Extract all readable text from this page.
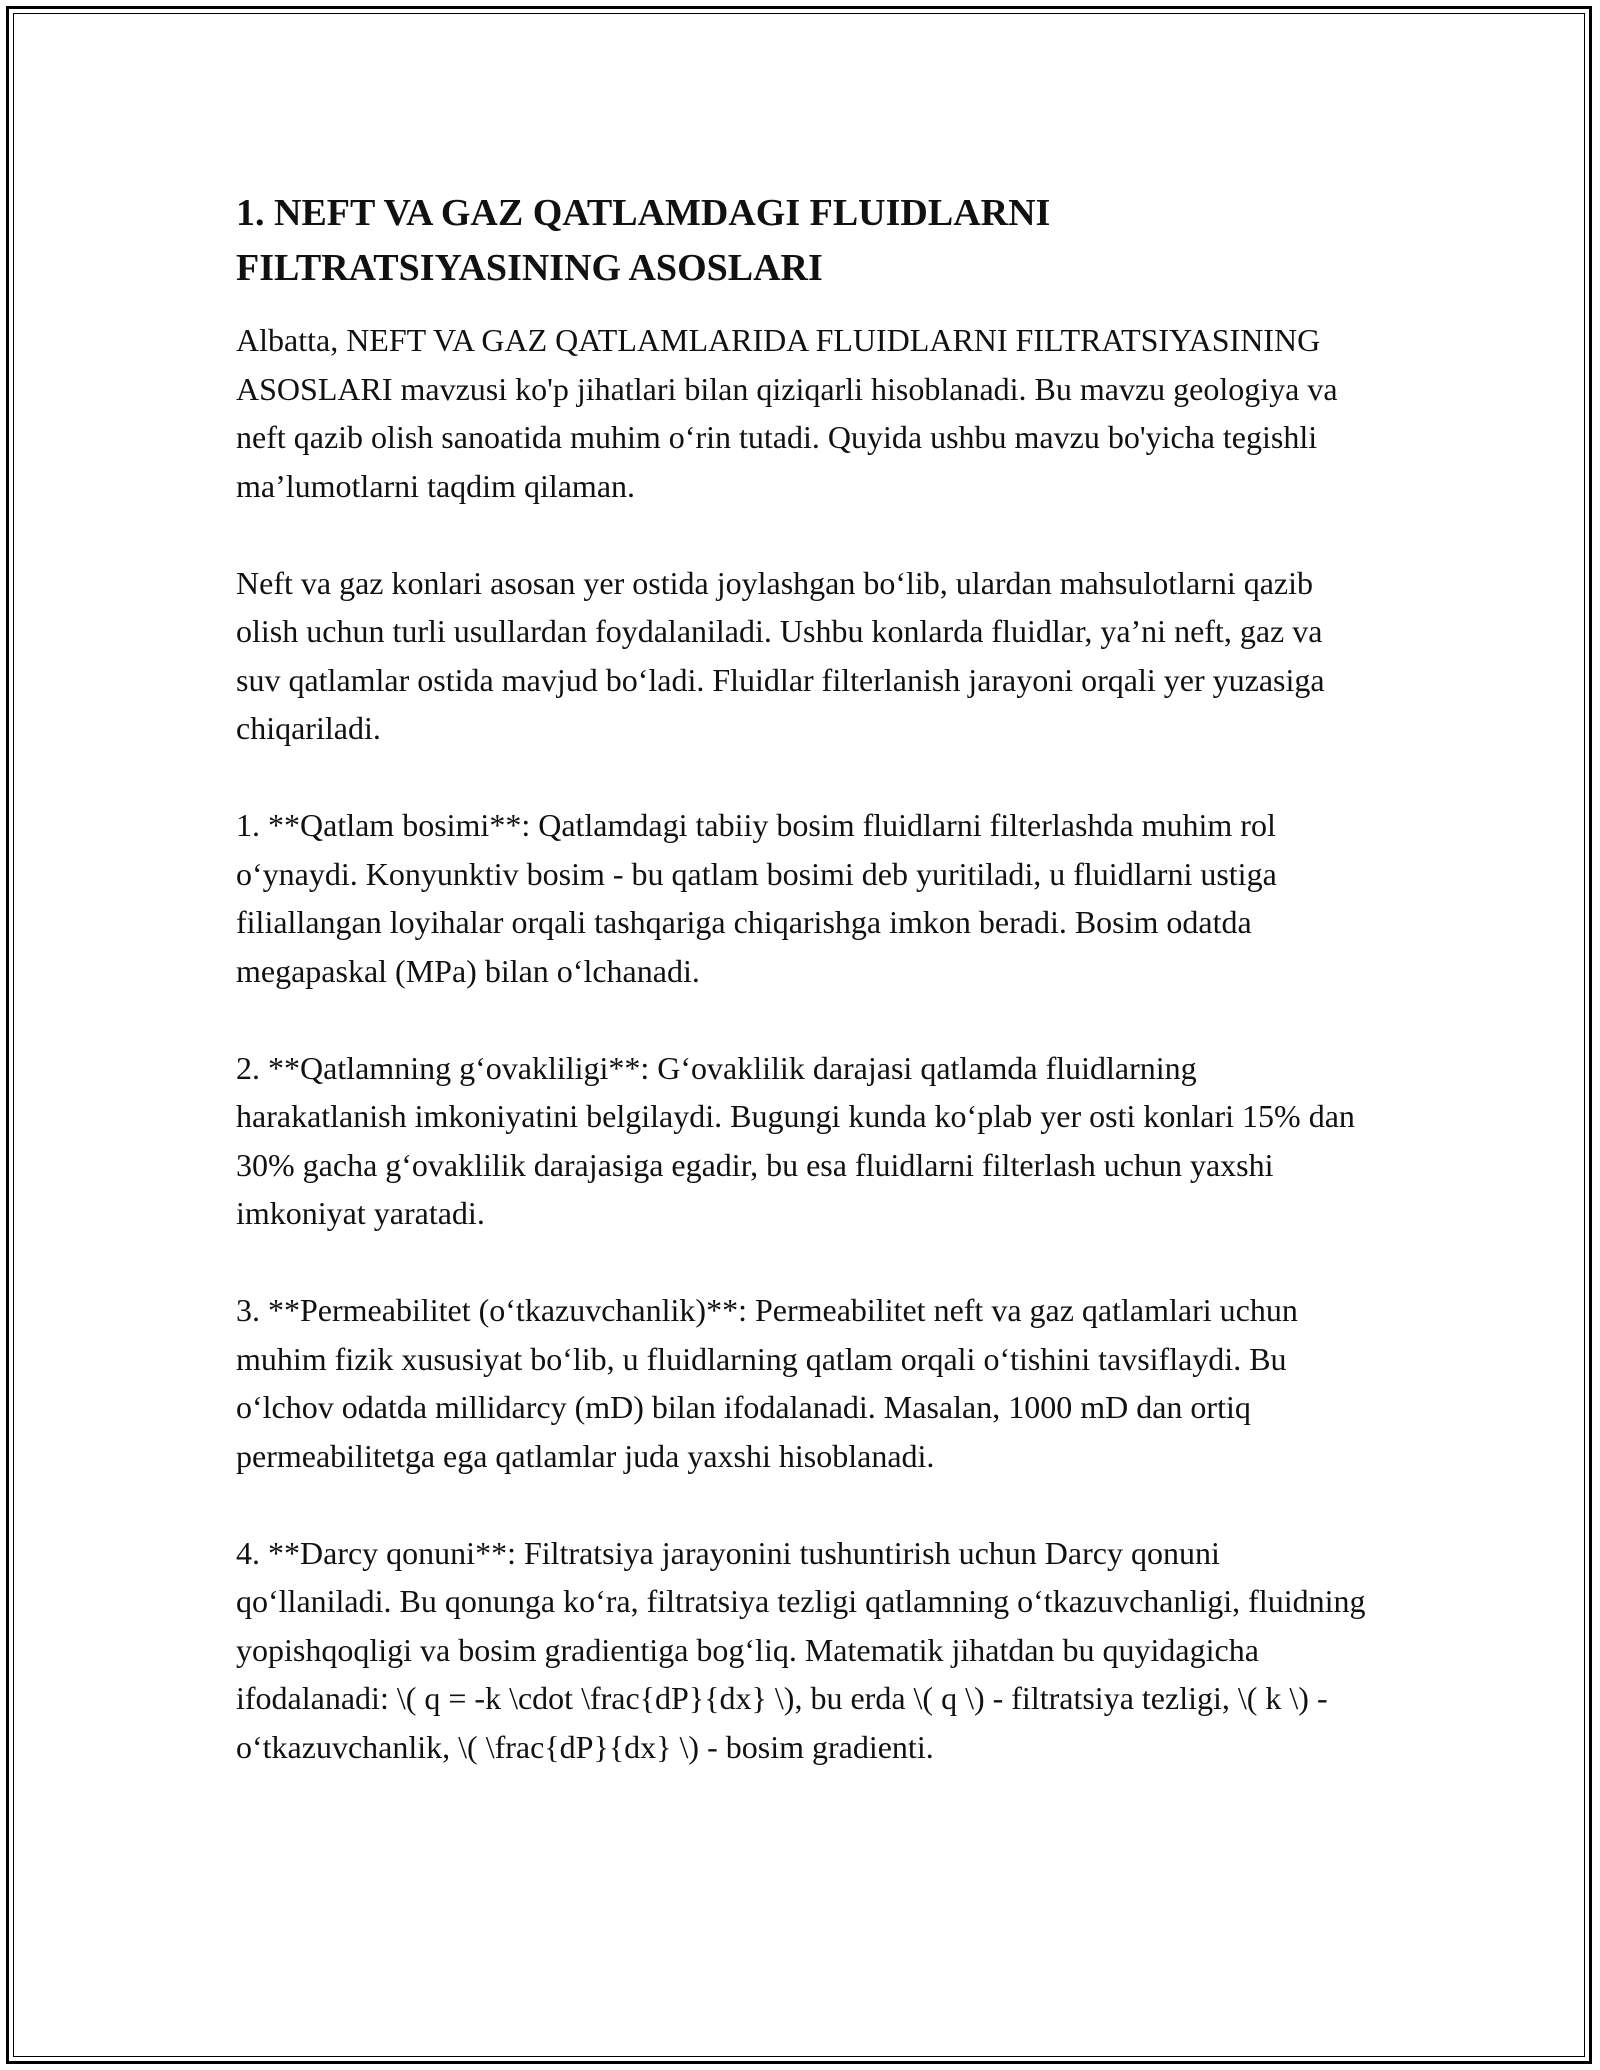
1. NEFT VA GAZ QATLAMDAGI FLUIDLARNI FILTRATSIYASINING ASOSLARI

Albatta, NEFT VA GAZ QATLAMLARIDA FLUIDLARNI FILTRATSIYASINING ASOSLARI mavzusi ko'p jihatlari bilan qiziqarli hisoblanadi. Bu mavzu geologiya va neft qazib olish sanoatida muhim o‘rin tutadi. Quyida ushbu mavzu bo'yicha tegishli ma’lumotlarni taqdim qilaman.

Neft va gaz konlari asosan yer ostida joylashgan bo‘lib, ulardan mahsulotlarni qazib olish uchun turli usullardan foydalaniladi. Ushbu konlarda fluidlar, ya’ni neft, gaz va suv qatlamlar ostida mavjud bo‘ladi. Fluidlar filterlanish jarayoni orqali yer yuzasiga chiqariladi.

1. **Qatlam bosimi**: Qatlamdagi tabiiy bosim fluidlarni filterlashda muhim rol o‘ynaydi. Konyunktiv bosim - bu qatlam bosimi deb yuritiladi, u fluidlarni ustiga filiallangan loyihalar orqali tashqariga chiqarishga imkon beradi. Bosim odatda megapaskal (MPa) bilan o‘lchanadi.

2. **Qatlamning g‘ovakliligi**: G‘ovaklilik darajasi qatlamda fluidlarning harakatlanish imkoniyatini belgilaydi. Bugungi kunda ko‘plab yer osti konlari 15% dan 30% gacha g‘ovaklilik darajasiga egadir, bu esa fluidlarni filterlash uchun yaxshi imkoniyat yaratadi.

3. **Permeabilitet (o‘tkazuvchanlik)**: Permeabilitet neft va gaz qatlamlari uchun muhim fizik xususiyat bo‘lib, u fluidlarning qatlam orqali o‘tishini tavsiflaydi. Bu o‘lchov odatda millidarcy (mD) bilan ifodalanadi. Masalan, 1000 mD dan ortiq permeabilitetga ega qatlamlar juda yaxshi hisoblanadi.

4. **Darcy qonuni**: Filtratsiya jarayonini tushuntirish uchun Darcy qonuni qo‘llaniladi. Bu qonunga ko‘ra, filtratsiya tezligi qatlamning o‘tkazuvchanligi, fluidning yopishqoqligi va bosim gradientiga bog‘liq. Matematik jihatdan bu quyidagicha ifodalanadi: \( q = -k \cdot \frac{dP}{dx} \), bu erda \( q \) - filtratsiya tezligi, \( k \) - o‘tkazuvchanlik, \( \frac{dP}{dx} \) - bosim gradienti.
